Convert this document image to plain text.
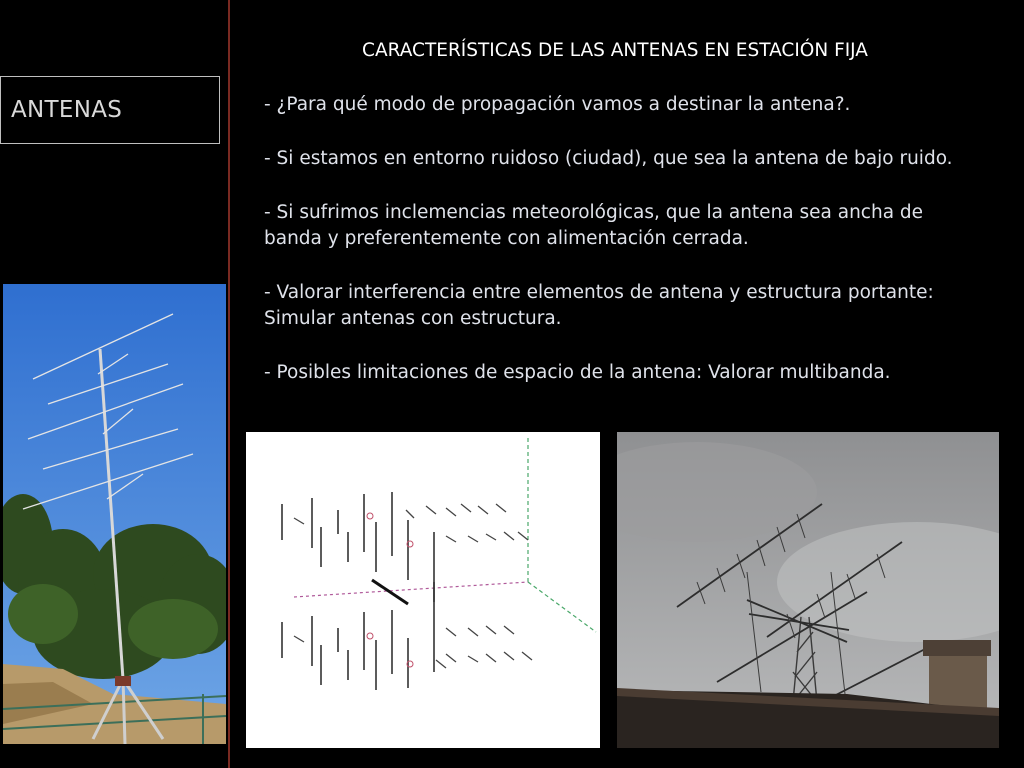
ANTENAS
CARACTERÍSTICAS DE LAS ANTENAS EN ESTACIÓN FIJA

- ¿Para qué modo de propagación vamos a destinar la antena?.

- Si estamos en entorno ruidoso (ciudad), que sea la antena de bajo ruido.

- Si sufrimos inclemencias meteorológicas, que la antena sea ancha de banda y preferentemente con alimentación cerrada.

- Valorar interferencia entre elementos de antena y estructura portante: Simular antenas con estructura.

- Posibles limitaciones de espacio de la antena: Valorar multibanda.
